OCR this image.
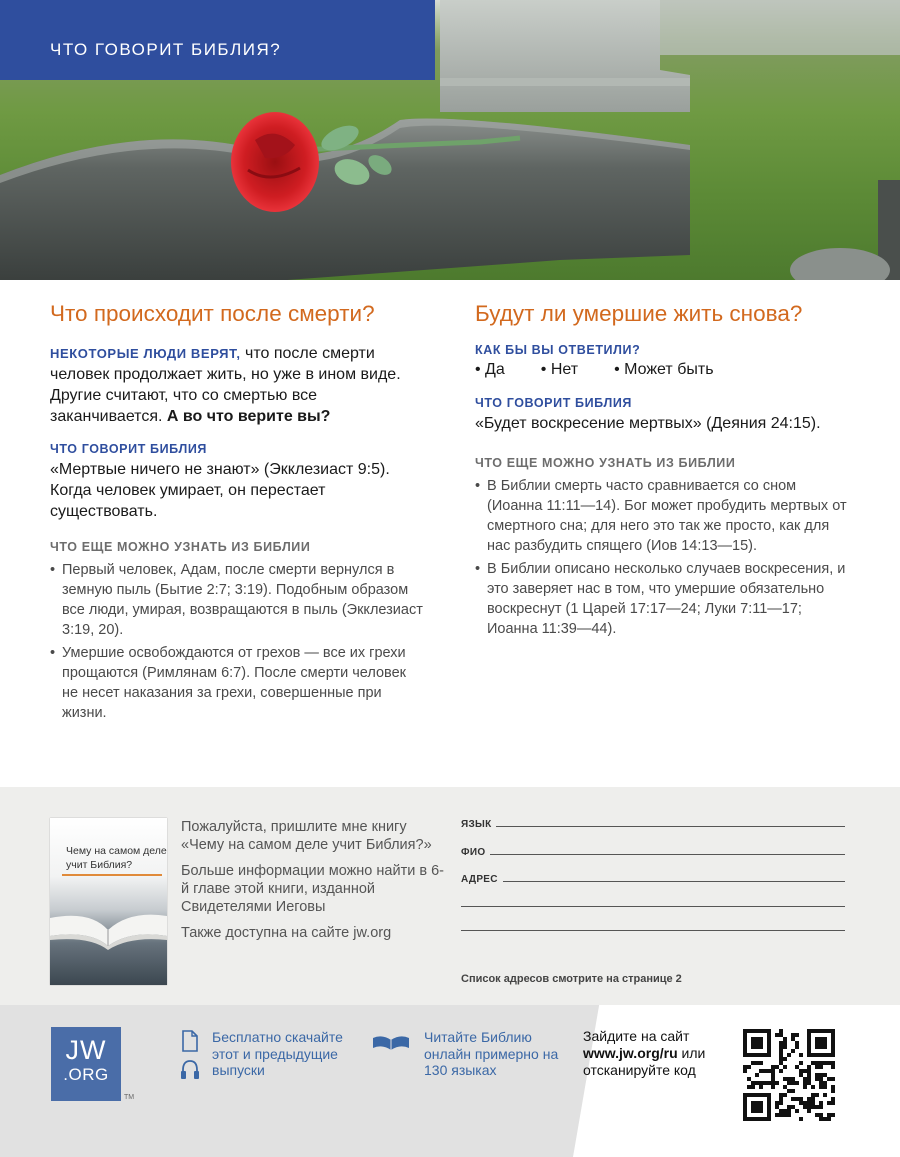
ЧТО ГОВОРИТ БИБЛИЯ?
Что происходит после смерти?

НЕКОТОРЫЕ ЛЮДИ ВЕРЯТ, что после смерти человек продолжает жить, но уже в ином виде. Другие считают, что со смертью все заканчивается. А во что верите вы?

ЧТО ГОВОРИТ БИБЛИЯ

«Мертвые ничего не знают» (Экклезиаст 9:5). Когда человек умирает, он перестает существовать.

ЧТО ЕЩЕ МОЖНО УЗНАТЬ ИЗ БИБЛИИ

• Первый человек, Адам, после смерти вернулся в земную пыль (Бытие 2:7; 3:19). Подобным образом все люди, умирая, возвращаются в пыль (Экклезиаст 3:19, 20).
• Умершие освобождаются от грехов — все их грехи прощаются (Римлянам 6:7). После смерти человек не несет наказания за грехи, совершенные при жизни.
Будут ли умершие жить снова?

КАК БЫ ВЫ ОТВЕТИЛИ?

• Да • Нет • Может быть

ЧТО ГОВОРИТ БИБЛИЯ

«Будет воскресение мертвых» (Деяния 24:15).

ЧТО ЕЩЕ МОЖНО УЗНАТЬ ИЗ БИБЛИИ

• В Библии смерть часто сравнивается со сном (Иоанна 11:11—14). Бог может пробудить мертвых от смертного сна; для него это так же просто, как для нас разбудить спящего (Иов 14:13—15).
• В Библии описано несколько случаев воскресения, и это заверяет нас в том, что умершие обязательно воскреснут (1 Царей 17:17—24; Луки 7:11—17; Иоанна 11:39—44).
Чему на самом деле учит Библия?

Пожалуйста, пришлите мне книгу «Чему на самом деле учит Библия?»

Больше информации можно найти в 6-й главе этой книги, изданной Свидетелями Иеговы

Также доступна на сайте jw.org

ЯЗЫК
ФИО
АДРЕС
Список адресов смотрите на странице 2
JW
.ORG
TM
Бесплатно скачайте этот и предыдущие выпуски
Читайте Библию онлайн примерно на 130 языках
Зайдите на сайт
www.jw.org/ru или
отсканируйте код
